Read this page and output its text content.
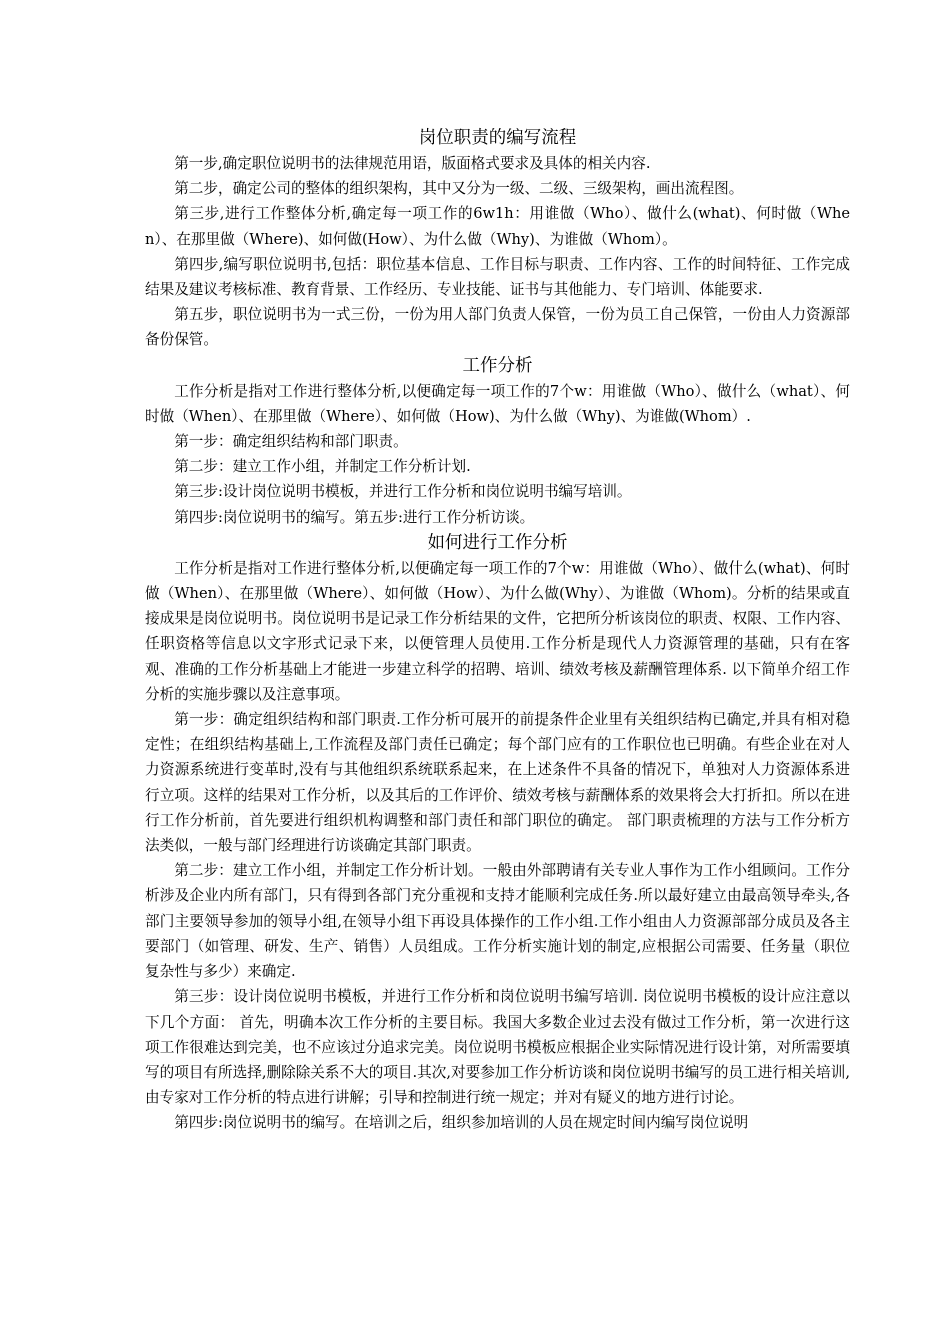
岗位职责的编写流程

第一步,确定职位说明书的法律规范用语，版面格式要求及具体的相关内容.

第二步，确定公司的整体的组织架构，其中又分为一级、二级、三级架构，画出流程图。

第三步,进行工作整体分析,确定每一项工作的6w1h：用谁做（Who）、做什么(what)、何时做（When）、在那里做（Where)、如何做(How）、为什么做（Why)、为谁做（Whom）。

第四步,编写职位说明书,包括：职位基本信息、工作目标与职责、工作内容、工作的时间特征、工作完成结果及建议考核标准、教育背景、工作经历、专业技能、证书与其他能力、专门培训、体能要求.

第五步，职位说明书为一式三份，一份为用人部门负责人保管，一份为员工自己保管，一份由人力资源部备份保管。

工作分析

工作分析是指对工作进行整体分析,以便确定每一项工作的7个w：用谁做（Who）、做什么（what）、何时做（When）、在那里做（Where）、如何做（How)、为什么做（Why)、为谁做(Whom）.

第一步：确定组织结构和部门职责。

第二步：建立工作小组，并制定工作分析计划.

第三步:设计岗位说明书模板，并进行工作分析和岗位说明书编写培训。

第四步:岗位说明书的编写。第五步:进行工作分析访谈。

如何进行工作分析

工作分析是指对工作进行整体分析,以便确定每一项工作的7个w：用谁做（Who）、做什么(what)、何时做（When）、在那里做（Where）、如何做（How）、为什么做(Why）、为谁做（Whom)。分析的结果或直接成果是岗位说明书。岗位说明书是记录工作分析结果的文件，它把所分析该岗位的职责、权限、工作内容、任职资格等信息以文字形式记录下来，以便管理人员使用.工作分析是现代人力资源管理的基础，只有在客观、准确的工作分析基础上才能进一步建立科学的招聘、培训、绩效考核及薪酬管理体系. 以下简单介绍工作分析的实施步骤以及注意事项。

第一步：确定组织结构和部门职责.工作分析可展开的前提条件企业里有关组织结构已确定,并具有相对稳定性；在组织结构基础上,工作流程及部门责任已确定；每个部门应有的工作职位也已明确。有些企业在对人力资源系统进行变革时,没有与其他组织系统联系起来，在上述条件不具备的情况下，单独对人力资源体系进行立项。这样的结果对工作分析，以及其后的工作评价、绩效考核与薪酬体系的效果将会大打折扣。所以在进行工作分析前，首先要进行组织机构调整和部门责任和部门职位的确定。 部门职责梳理的方法与工作分析方法类似，一般与部门经理进行访谈确定其部门职责。

第二步：建立工作小组，并制定工作分析计划。一般由外部聘请有关专业人事作为工作小组顾问。工作分析涉及企业内所有部门，只有得到各部门充分重视和支持才能顺利完成任务.所以最好建立由最高领导牵头,各部门主要领导参加的领导小组,在领导小组下再设具体操作的工作小组.工作小组由人力资源部部分成员及各主要部门（如管理、研发、生产、销售）人员组成。工作分析实施计划的制定,应根据公司需要、任务量（职位复杂性与多少）来确定.

第三步：设计岗位说明书模板，并进行工作分析和岗位说明书编写培训. 岗位说明书模板的设计应注意以下几个方面： 首先，明确本次工作分析的主要目标。我国大多数企业过去没有做过工作分析，第一次进行这项工作很难达到完美，也不应该过分追求完美。岗位说明书模板应根据企业实际情况进行设计第，对所需要填写的项目有所选择,删除除关系不大的项目.其次,对要参加工作分析访谈和岗位说明书编写的员工进行相关培训,由专家对工作分析的特点进行讲解；引导和控制进行统一规定；并对有疑义的地方进行讨论。

第四步:岗位说明书的编写。在培训之后，组织参加培训的人员在规定时间内编写岗位说明
